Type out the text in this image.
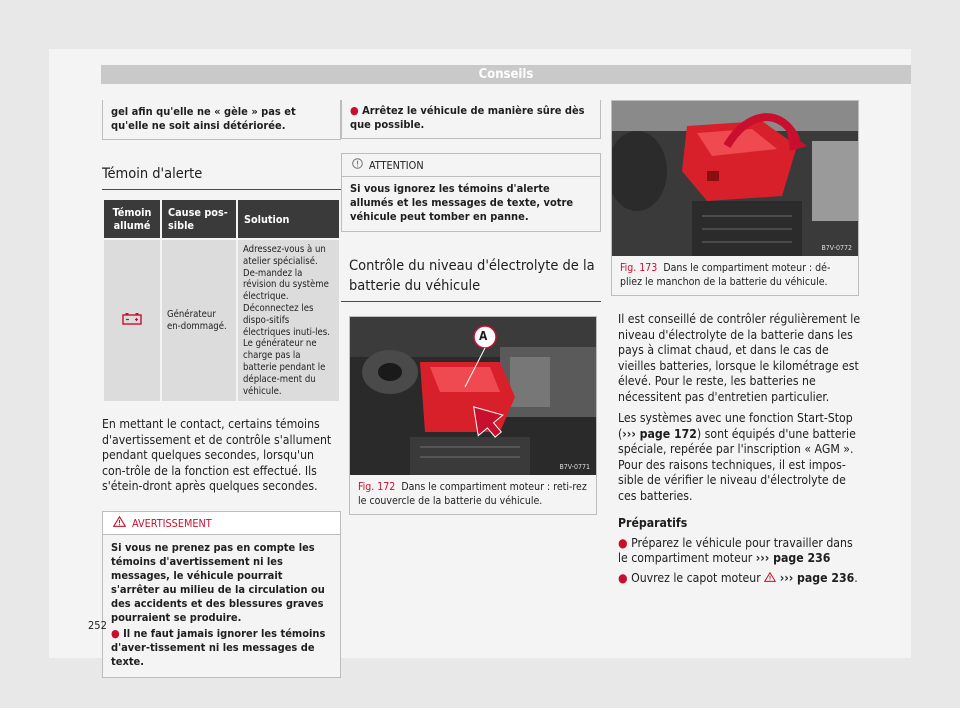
Conseils

gel afin qu'elle ne « gèle » pas et qu'elle ne soit ainsi détériorée.

Témoin d'alerte
Témoin allumé	Cause pos-sible	Solution
	Générateur en-dommagé.	Adressez-vous à un atelier spécialisé. De-mandez la révision du système électrique. Déconnectez les dispo-sitifs électriques inuti-les. Le générateur ne charge pas la batterie pendant le déplace-ment du véhicule.

En mettant le contact, certains témoins d'avertissement et de contrôle s'allument pendant quelques secondes, lorsqu'un con-trôle de la fonction est effectué. Ils s'étein-dront après quelques secondes.

AVERTISSEMENT

Si vous ne prenez pas en compte les témoins d'avertissement ni les messages, le véhicule pourrait s'arrêter au milieu de la circulation ou des accidents et des blessures graves pourraient se produire.

● Il ne faut jamais ignorer les témoins d'aver-tissement ni les messages de texte.

● Arrêtez le véhicule de manière sûre dès que possible.

ATTENTION

Si vous ignorez les témoins d'alerte allumés et les messages de texte, votre véhicule peut tomber en panne.

Contrôle du niveau d'électrolyte de la batterie du véhicule
A
B7V-0771

Fig. 172 Dans le compartiment moteur : reti-rez le couvercle de la batterie du véhicule.

B7V-0772

Fig. 173 Dans le compartiment moteur : dé-pliez le manchon de la batterie du véhicule.

Il est conseillé de contrôler régulièrement le niveau d'électrolyte de la batterie dans les pays à climat chaud, et dans le cas de vieilles batteries, lorsque le kilométrage est élevé. Pour le reste, les batteries ne nécessitent pas d'entretien particulier.

Les systèmes avec une fonction Start-Stop (››› page 172) sont équipés d'une batterie spéciale, repérée par l'inscription « AGM ». Pour des raisons techniques, il est impos-sible de vérifier le niveau d'électrolyte de ces batteries.

Préparatifs

● Préparez le véhicule pour travailler dans le compartiment moteur ››› page 236

● Ouvrez le capot moteur ››› page 236.

252
